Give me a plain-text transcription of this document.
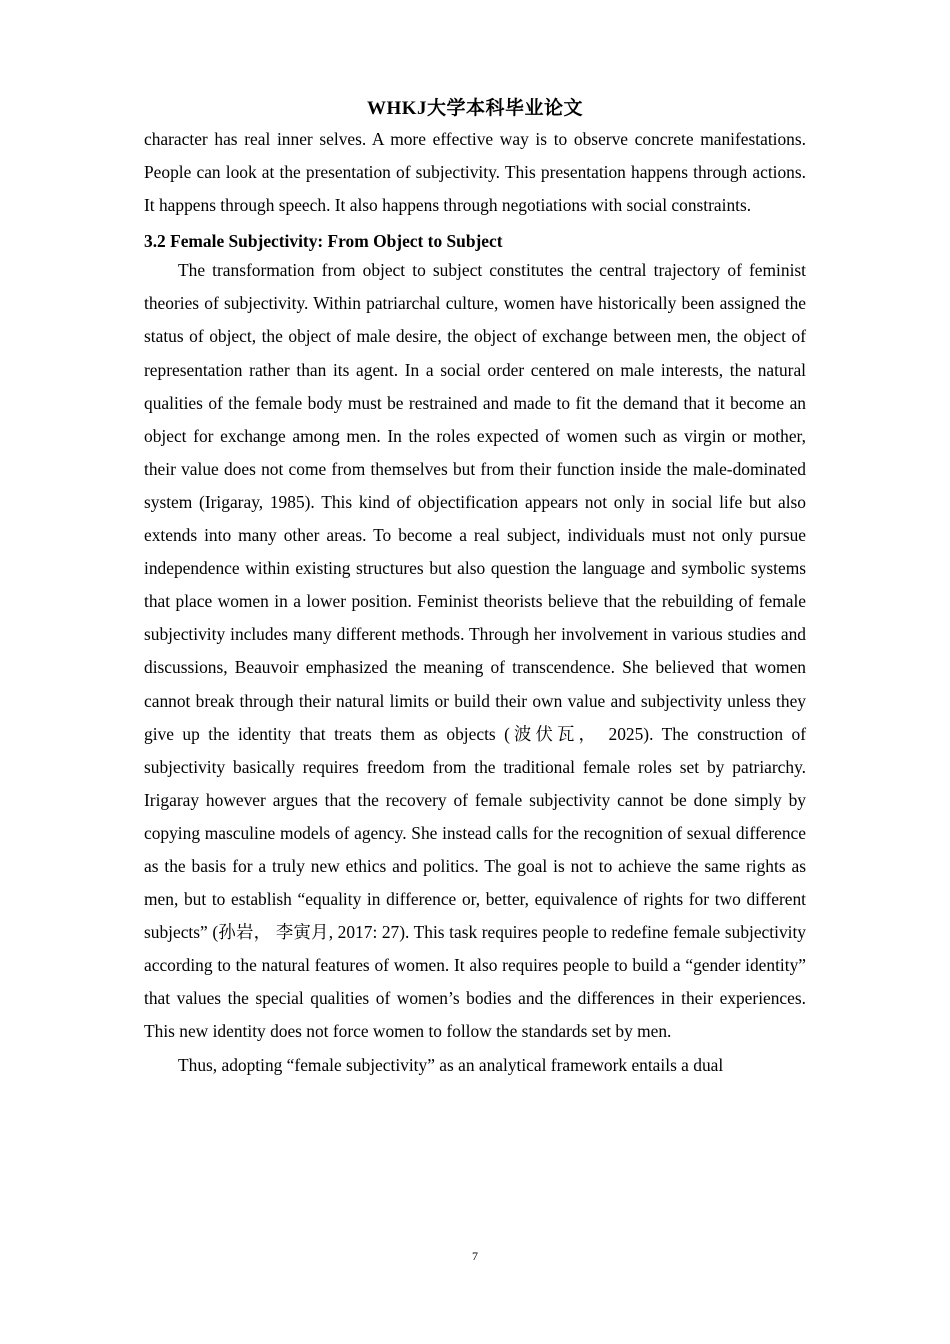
WHKJ大学本科毕业论文

character has real inner selves. A more effective way is to observe concrete manifestations. People can look at the presentation of subjectivity. This presentation happens through actions. It happens through speech. It also happens through negotiations with social constraints.

3.2 Female Subjectivity: From Object to Subject

The transformation from object to subject constitutes the central trajectory of feminist theories of subjectivity. Within patriarchal culture, women have historically been assigned the status of object, the object of male desire, the object of exchange between men, the object of representation rather than its agent. In a social order centered on male interests, the natural qualities of the female body must be restrained and made to fit the demand that it become an object for exchange among men. In the roles expected of women such as virgin or mother, their value does not come from themselves but from their function inside the male-dominated system (Irigaray, 1985). This kind of objectification appears not only in social life but also extends into many other areas. To become a real subject, individuals must not only pursue independence within existing structures but also question the language and symbolic systems that place women in a lower position. Feminist theorists believe that the rebuilding of female subjectivity includes many different methods. Through her involvement in various studies and discussions, Beauvoir emphasized the meaning of transcendence. She believed that women cannot break through their natural limits or build their own value and subjectivity unless they give up the identity that treats them as objects (波伏瓦， 2025). The construction of subjectivity basically requires freedom from the traditional female roles set by patriarchy. Irigaray however argues that the recovery of female subjectivity cannot be done simply by copying masculine models of agency. She instead calls for the recognition of sexual difference as the basis for a truly new ethics and politics. The goal is not to achieve the same rights as men, but to establish “equality in difference or, better, equivalence of rights for two different subjects” (孙岩， 李寅月, 2017: 27). This task requires people to redefine female subjectivity according to the natural features of women. It also requires people to build a “gender identity” that values the special qualities of women’s bodies and the differences in their experiences. This new identity does not force women to follow the standards set by men.

Thus, adopting “female subjectivity” as an analytical framework entails a dual

7
